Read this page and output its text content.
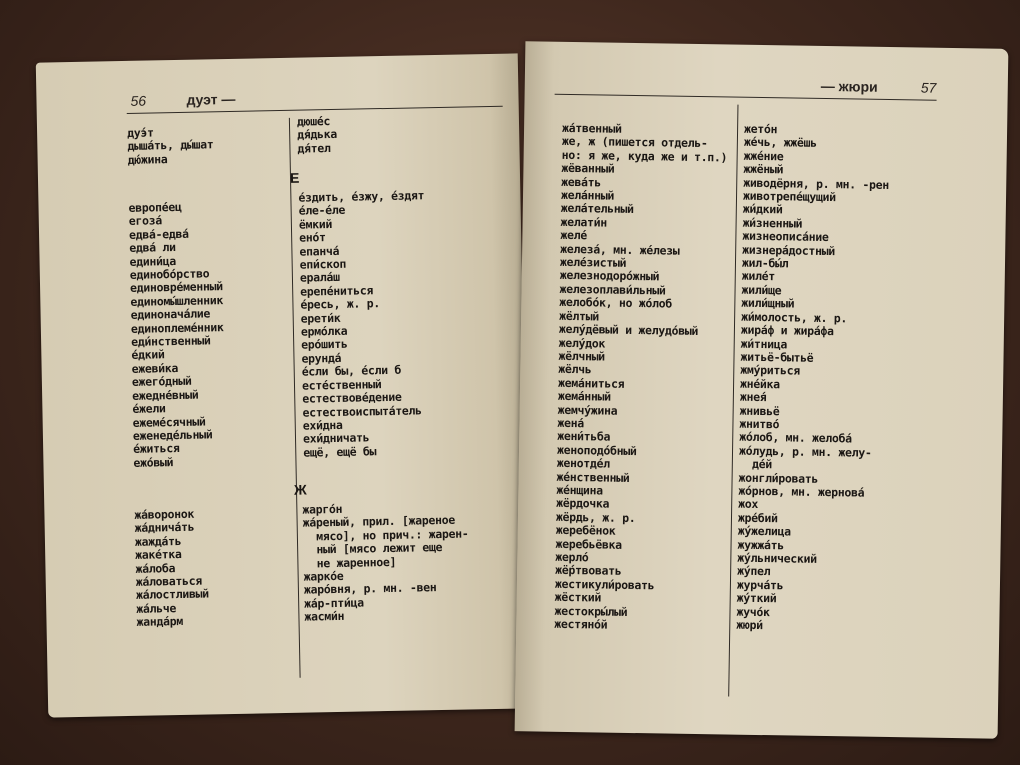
56	дуэт —
дуэ́т
дыша́ть, ды́шат
дю́жина
европе́ец
егоза́
едва́-едва́
едва́ ли
едини́ца
единобо́рство
единовре́менный
единомы́шленник
единонача́лие
единоплеме́нник
еди́нственный
е́дкий
ежеви́ка
ежего́дный
ежедне́вный
е́жели
ежеме́сячный
еженеде́льный
е́житься
ежо́вый
жа́воронок
жа́днича́ть
жажда́ть
жаке́тка
жа́лоба
жа́ловаться
жа́лостливый
жа́льче
жанда́рм
дюше́с
дя́дька
дя́тел
Е
е́здить, е́зжу, е́здят
е́ле-е́ле
ёмкий
ено́т
епанча́
епи́скоп
ерала́ш
ерепе́ниться
е́ресь, ж. р.
ерети́к
ермо́лка
еро́шить
ерунда́
е́сли бы, е́сли б
есте́ственный
естествове́дение
естествоиспыта́тель
ехи́дна
ехи́дничать
ещё, ещё бы
Ж
жарго́н
жа́реный, прил. [жареное
мясо], но прич.: жарен-
ный [мясо лежит еще
не жаренное]
жарко́е
жаро́вня, р. мн. -вен
жа́р-пти́ца
жасми́н
— жюри	57
жа́твенный
же, ж (пишется отдель-
но: я же, куда же и т.п.)
жёванный
жева́ть
жела́нный
жела́тельный
желати́н
желе́
железа́, мн. же́лезы
желе́зистый
железнодоро́жный
железоплави́льный
желобо́к, но жо́лоб
жёлтый
желу́дёвый и желудо́вый
желу́док
жёлчный
жёлчь
жема́ниться
жема́нный
жемчу́жина
жена́
жени́тьба
женоподо́бный
женотде́л
же́нственный
же́нщина
жёрдочка
жёрдь, ж. р.
жеребёнок
жеребьёвка
жерло́
жё́ртвовать
жестикули́ровать
жёсткий
жестокры́лый
жестяно́й
жето́н
же́чь, жжёшь
жже́ние
жжёный
живодёрня, р. мн. -рен
животрепе́щущий
жи́дкий
жи́зненный
жизнеописа́ние
жизнера́достный
жил-бы́л
жиле́т
жили́ще
жили́щный
жи́молость, ж. р.
жира́ф и жира́фа
жи́тница
житьё-бытьё
жму́риться
жне́йка
жнея́
жнивьё
жнитво́
жо́лоб, мн. желоба́
жо́лудь, р. мн. желу-
де́й
жонгли́ровать
жо́рнов, мн. жернова́
жох
жре́бий
жу́желица
жужжа́ть
жу́льнический
жу́пел
журча́ть
жу́ткий
жучо́к
жюри́
